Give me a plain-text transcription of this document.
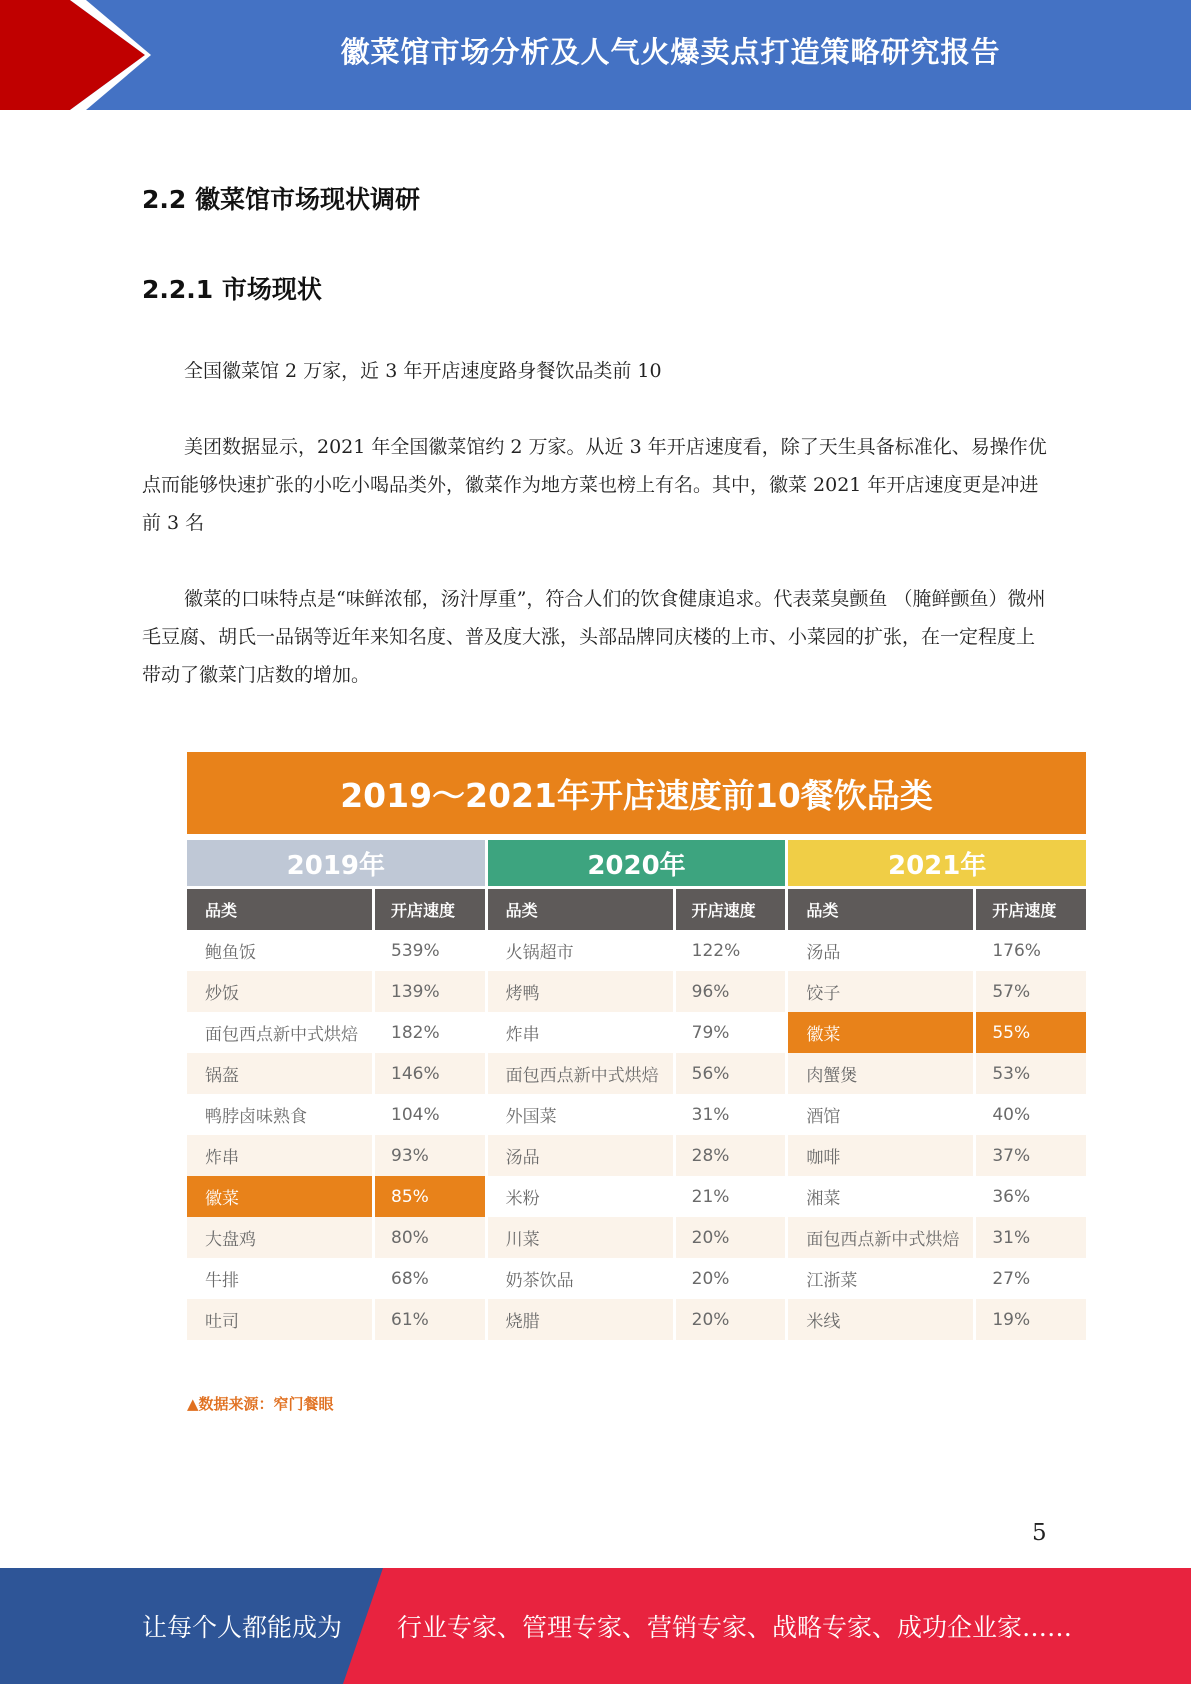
徽菜馆市场分析及人气火爆卖点打造策略研究报告
2.2 徽菜馆市场现状调研
2.2.1 市场现状
全国徽菜馆 2 万家，近 3 年开店速度路身餐饮品类前 10
美团数据显示，2021 年全国徽菜馆约 2 万家。从近 3 年开店速度看，除了天生具备标准化、易操作优点而能够快速扩张的小吃小喝品类外，徽菜作为地方菜也榜上有名。其中，徽菜 2021 年开店速度更是冲进前 3 名
徽菜的口味特点是“味鲜浓郁，汤汁厚重”，符合人们的饮食健康追求。代表菜臭颤鱼 （腌鲜颤鱼）微州毛豆腐、胡氏一品锅等近年来知名度、普及度大涨，头部品牌同庆楼的上市、小菜园的扩张，在一定程度上带动了徽菜门店数的增加。
2019～2021年开店速度前10餐饮品类
2019年	2020年	2021年
品类	开店速度
鲍鱼饭	539%
炒饭	139%
面包西点新中式烘焙	182%
锅盔	146%
鸭脖卤味熟食	104%
炸串	93%
徽菜	85%
大盘鸡	80%
牛排	68%
吐司	61%
品类	开店速度
火锅超市	122%
烤鸭	96%
炸串	79%
面包西点新中式烘焙	56%
外国菜	31%
汤品	28%
米粉	21%
川菜	20%
奶茶饮品	20%
烧腊	20%
品类	开店速度
汤品	176%
饺子	57%
徽菜	55%
肉蟹煲	53%
酒馆	40%
咖啡	37%
湘菜	36%
面包西点新中式烘焙	31%
江浙菜	27%
米线	19%
▲数据来源：窄门餐眼
5
让每个人都能成为 行业专家、管理专家、营销专家、战略专家、成功企业家……
